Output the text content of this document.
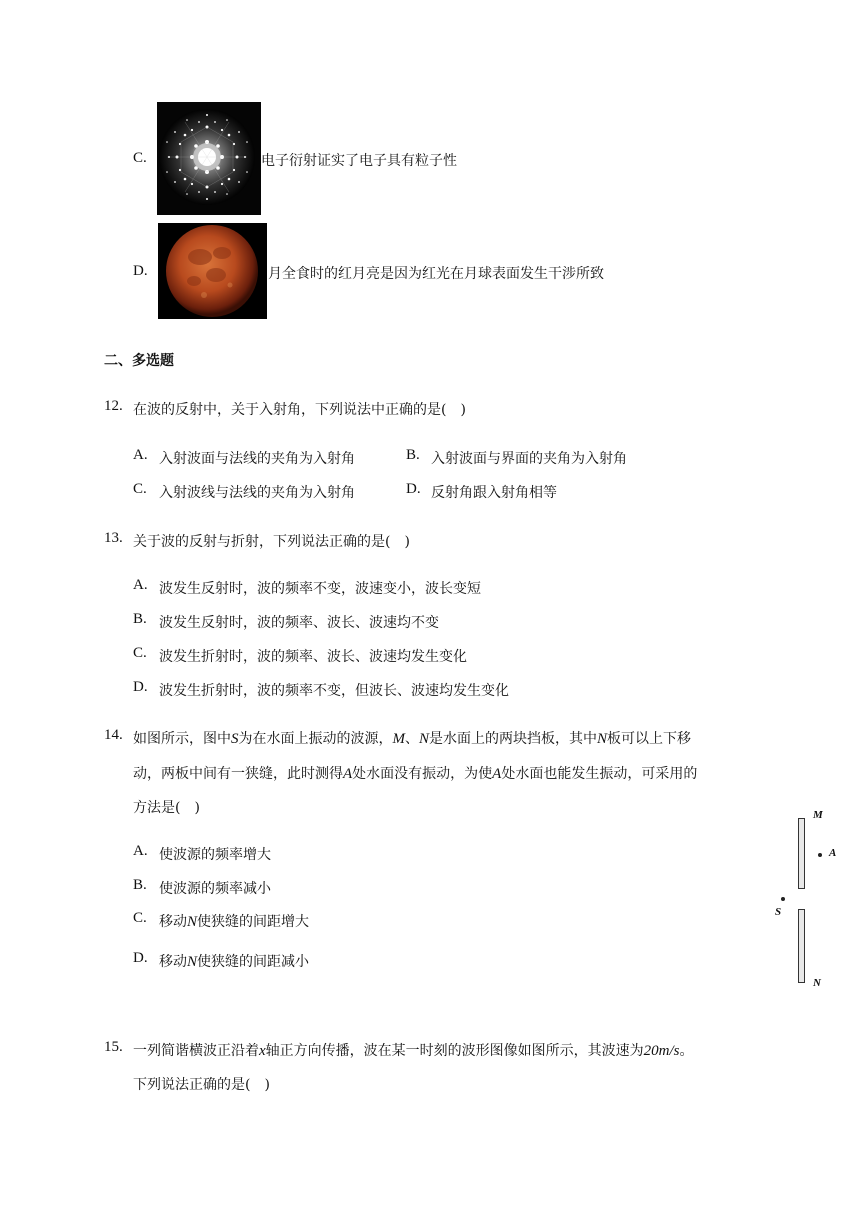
C.	电子衍射证实了电子具有粒子性
D.	月全食时的红月亮是因为红光在月球表面发生干涉所致
二、多选题
12. 在波的反射中，关于入射角，下列说法中正确的是(　)
A. 入射波面与法线的夹角为入射角	B. 入射波面与界面的夹角为入射角
C. 入射波线与法线的夹角为入射角	D. 反射角跟入射角相等
13. 关于波的反射与折射，下列说法正确的是(　)
A. 波发生反射时，波的频率不变，波速变小，波长变短
B. 波发生反射时，波的频率、波长、波速均不变
C. 波发生折射时，波的频率、波长、波速均发生变化
D. 波发生折射时，波的频率不变，但波长、波速均发生变化
14. 如图所示，图中S为在水面上振动的波源，M、N是水面上的两块挡板，其中N板可以上下移
动，两板中间有一狭缝，此时测得A处水面没有振动，为使A处水面也能发生振动，可采用的
方法是(　)
A. 使波源的频率增大
B. 使波源的频率减小
C. 移动N使狭缝的间距增大
D. 移动N使狭缝的间距减小
M
A
S
N
15. 一列简谐横波正沿着x轴正方向传播，波在某一时刻的波形图像如图所示，其波速为20m/s。
下列说法正确的是(　)
